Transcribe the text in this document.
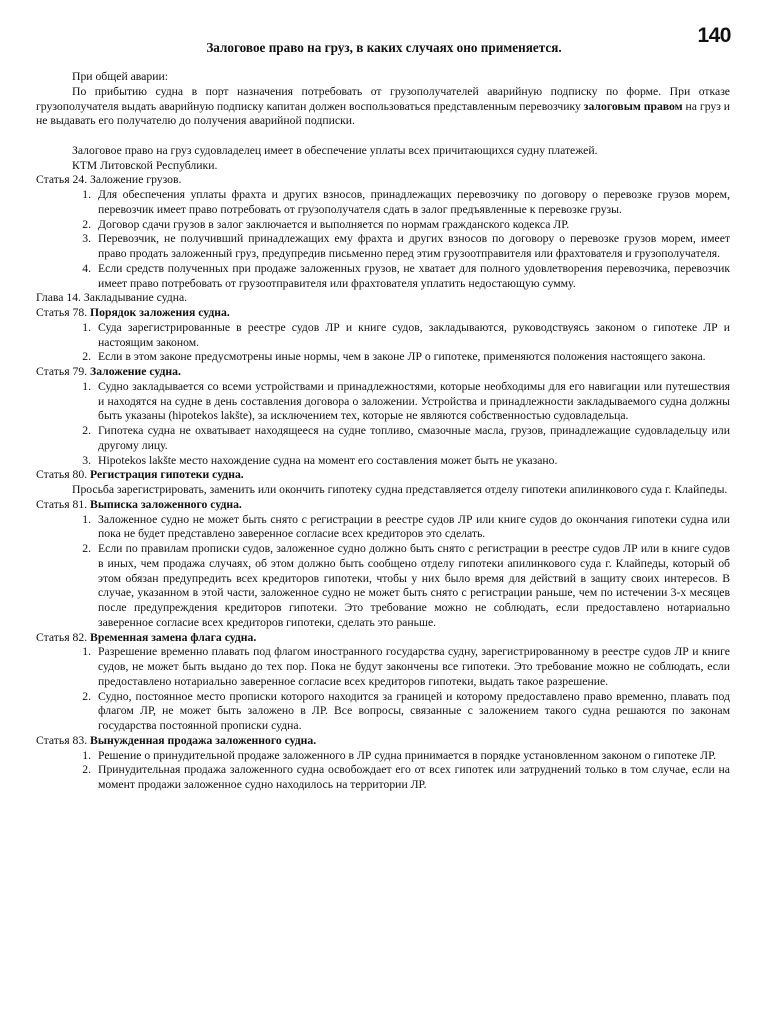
140
Залоговое право на груз, в каких случаях оно применяется.

При общей аварии:

По прибытию судна в порт назначения потребовать от грузополучателей аварийную подписку по форме. При отказе грузополучателя выдать аварийную подписку капитан должен воспользоваться представленным перевозчику залоговым правом на груз и не выдавать его получателю до получения аварийной подписки.

Залоговое право на груз судовладелец имеет в обеспечение уплаты всех причитающихся судну платежей.

КТМ Литовской Республики.

Статья 24. Заложение грузов.

1. Для обеспечения уплаты фрахта и других взносов, принадлежащих перевозчику по договору о перевозке грузов морем, перевозчик имеет право потребовать от грузополучателя сдать в залог предъявленные к перевозке грузы.
2. Договор сдачи грузов в залог заключается и выполняется по нормам гражданского кодекса ЛР.
3. Перевозчик, не получивший принадлежащих ему фрахта и других взносов по договору о перевозке грузов морем, имеет право продать заложенный груз, предупредив письменно перед этим грузоотправителя или фрахтователя и грузополучателя.
4. Если средств полученных при продаже заложенных грузов, не хватает для полного удовлетворения перевозчика, перевозчик имеет право потребовать от грузоотправителя или фрахтователя уплатить недостающую сумму.

Глава 14. Закладывание судна.

Статья 78. Порядок заложения судна.

1. Суда зарегистрированные в реестре судов ЛР и книге судов, закладываются, руководствуясь законом о гипотеке ЛР и настоящим законом.
2. Если в этом законе предусмотрены иные нормы, чем в законе ЛР о гипотеке, применяются положения настоящего закона.

Статья 79. Заложение судна.

1. Судно закладывается со всеми устройствами и принадлежностями, которые необходимы для его навигации или путешествия и находятся на судне в день составления договора о заложении. Устройства и принадлежности закладываемого судна должны быть указаны (hipotekos lakšte), за исключением тех, которые не являются собственностью судовладельца.
2. Гипотека судна не охватывает находящееся на судне топливо, смазочные масла, грузов, принадлежащие судовладельцу или другому лицу.
3. Hipotekos lakšte место нахождение судна на момент его составления может быть не указано.

Статья 80. Регистрация гипотеки судна.

Просьба зарегистрировать, заменить или окончить гипотеку судна представляется отделу гипотеки апилинкового суда г. Клайпеды.

Статья 81. Выписка заложенного судна.

1. Заложенное судно не может быть снято с регистрации в реестре судов ЛР или книге судов до окончания гипотеки судна или пока не будет представлено заверенное согласие всех кредиторов это сделать.
2. Если по правилам прописки судов, заложенное судно должно быть снято с регистрации в реестре судов ЛР или в книге судов в иных, чем продажа случаях, об этом должно быть сообщено отделу гипотеки апилинкового суда г. Клайпеды, который об этом обязан предупредить всех кредиторов гипотеки, чтобы у них было время для действий в защиту своих интересов. В случае, указанном в этой части, заложенное судно не может быть снято с регистрации раньше, чем по истечении 3-х месяцев после предупреждения кредиторов гипотеки. Это требование можно не соблюдать, если предоставлено нотариально заверенное согласие всех кредиторов гипотеки, сделать это раньше.

Статья 82. Временная замена флага судна.

1. Разрешение временно плавать под флагом иностранного государства судну, зарегистрированному в реестре судов ЛР и книге судов, не может быть выдано до тех пор. Пока не будут закончены все гипотеки. Это требование можно не соблюдать, если предоставлено нотариально заверенное согласие всех кредиторов гипотеки, выдать такое разрешение.
2. Судно, постоянное место прописки которого находится за границей и которому предоставлено право временно, плавать под флагом ЛР, не может быть заложено в ЛР. Все вопросы, связанные с заложением такого судна решаются по законам государства постоянной прописки судна.

Статья 83. Вынужденная продажа заложенного судна.

1. Решение о принудительной продаже заложенного в ЛР судна принимается в порядке установленном законом о гипотеке ЛР.
2. Принудительная продажа заложенного судна освобождает его от всех гипотек или затруднений только в том случае, если на момент продажи заложенное судно находилось на территории ЛР.
